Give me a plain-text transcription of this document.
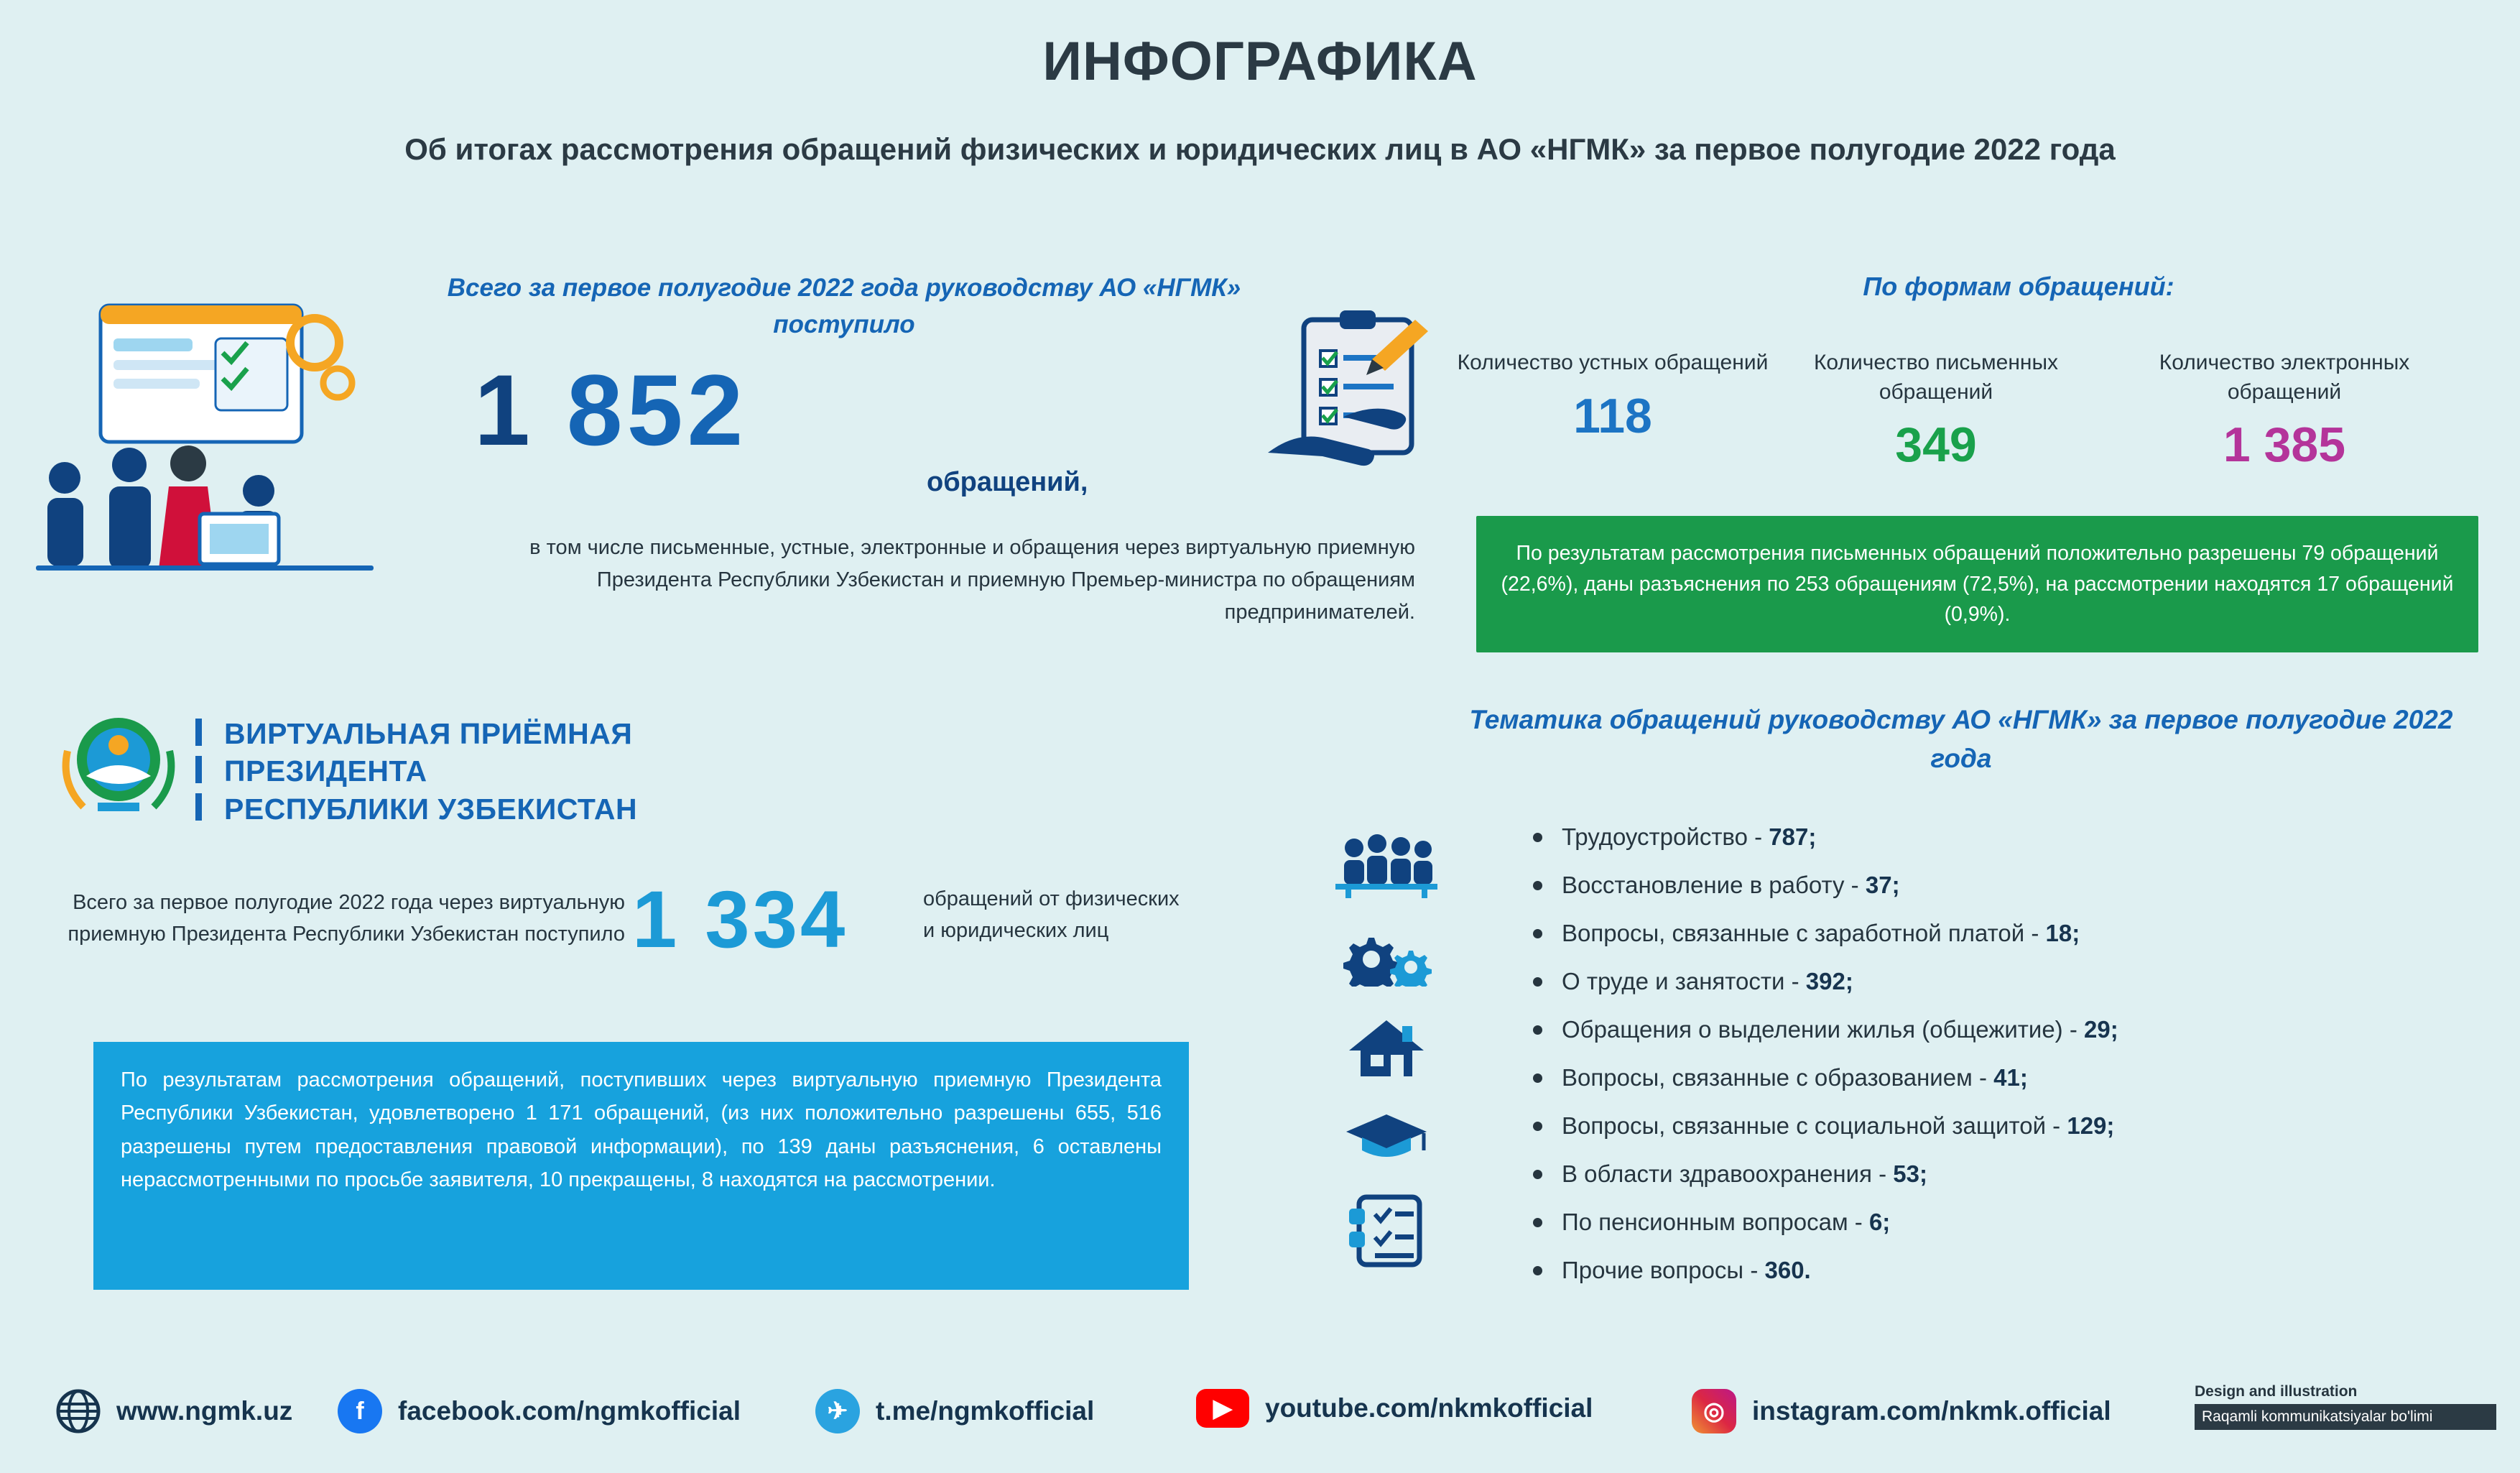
ИНФОГРАФИКА
Об итогах рассмотрения обращений физических и юридических лиц в АО «НГМК» за первое полугодие 2022 года
Всего за первое полугодие 2022 года руководству АО «НГМК» поступило
1 852
обращений,
в том числе письменные, устные, электронные и обращения через виртуальную приемную Президента Республики Узбекистан и приемную Премьер-министра по обращениям предпринимателей.
По формам обращений:
Количество устных обращений
118
Количество письменных обращений
349
Количество электронных обращений
1 385
По результатам рассмотрения письменных обращений положительно разрешены 79 обращений (22,6%), даны разъяснения по 253 обращениям (72,5%), на рассмотрении находятся 17 обращений (0,9%).
ВИРТУАЛЬНАЯ ПРИЁМНАЯ
ПРЕЗИДЕНТА
РЕСПУБЛИКИ УЗБЕКИСТАН
Всего за первое полугодие 2022 года через виртуальную приемную Президента Республики Узбекистан поступило 1 334	обращений от физических и юридических лиц
По результатам рассмотрения обращений, поступивших через виртуальную приемную Президента Республики Узбекистан, удовлетворено 1 171 обращений, (из них положительно разрешены 655, 516 разрешены путем предоставления правовой информации), по 139 даны разъяснения, 6 оставлены нерассмотренными по просьбе заявителя, 10 прекращены, 8 находятся на рассмотрении.
Тематика обращений руководству АО «НГМК» за первое полугодие 2022 года
Трудоустройство - 787;
Восстановление в работу - 37;
Вопросы, связанные с заработной платой - 18;
О труде и занятости - 392;
Обращения о выделении жилья (общежитие) - 29;
Вопросы, связанные с образованием - 41;
Вопросы, связанные с социальной защитой - 129;
В области здравоохранения - 53;
По пенсионным вопросам - 6;
Прочие вопросы - 360.
www.ngmk.uz	f	facebook.com/ngmkofficial	✈	t.me/ngmkofficial	▶	youtube.com/nkmkofficial	◎	instagram.com/nkmk.official
Design and illustration
Raqamli kommunikatsiyalar bo'limi
